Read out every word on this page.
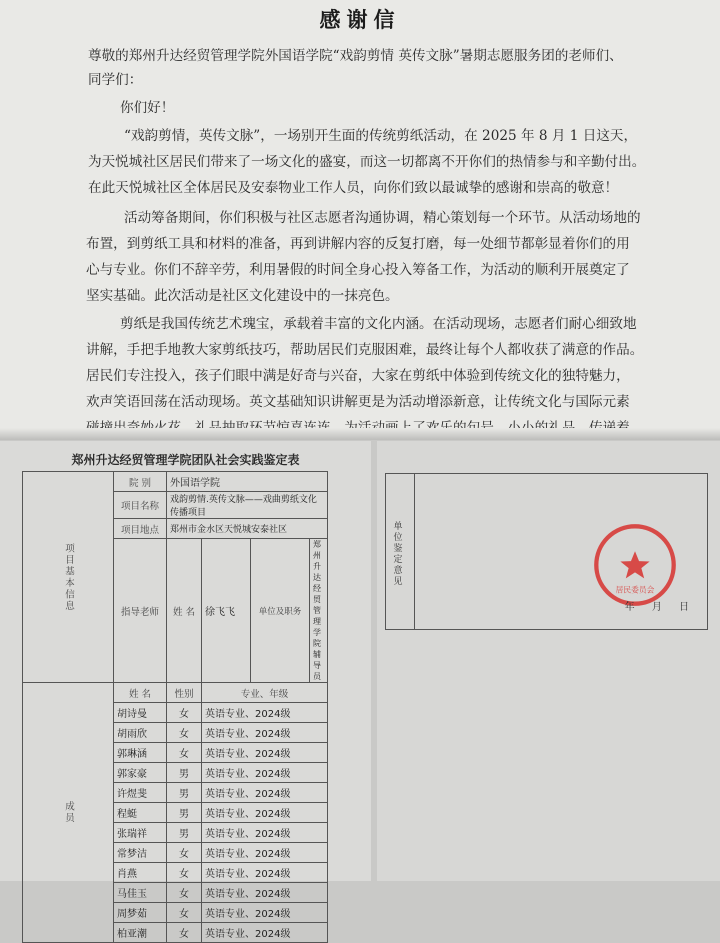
感谢信
尊敬的郑州升达经贸管理学院外国语学院“戏韵剪情 英传文脉”暑期志愿服务团的老师们、
同学们：
你们好！
“戏韵剪情，英传文脉”，一场别开生面的传统剪纸活动，在 2025 年 8 月 1 日这天，
为天悦城社区居民们带来了一场文化的盛宴，而这一切都离不开你们的热情参与和辛勤付出。
在此天悦城社区全体居民及安泰物业工作人员，向你们致以最诚挚的感谢和崇高的敬意！
活动筹备期间，你们积极与社区志愿者沟通协调，精心策划每一个环节。从活动场地的
布置，到剪纸工具和材料的准备，再到讲解内容的反复打磨，每一处细节都彰显着你们的用
心与专业。你们不辞辛劳，利用暑假的时间全身心投入筹备工作，为活动的顺利开展奠定了
坚实基础。此次活动是社区文化建设中的一抹亮色。
剪纸是我国传统艺术瑰宝，承载着丰富的文化内涵。在活动现场，志愿者们耐心细致地
讲解，手把手地教大家剪纸技巧，帮助居民们克服困难，最终让每个人都收获了满意的作品。
居民们专注投入，孩子们眼中满是好奇与兴奋，大家在剪纸中体验到传统文化的独特魅力，
欢声笑语回荡在活动现场。英文基础知识讲解更是为活动增添新意，让传统文化与国际元素
郑州升达经贸管理学院团队社会实践鉴定表
项目基本信息	院 别	外国语学院			
	项目名称	戏韵剪情.英传文脉——戏曲剪纸文化传播项目			
	项目地点	郑州市金水区天悦城安泰社区			
	指导老师	姓 名	徐飞飞	单位及职务	郑州升达经贸管理学院辅导员
成员	姓 名	性别	专业、年级		
	胡诗曼	女	英语专业、2024级		
	胡雨欣	女	英语专业、2024级		
	郭琳涵	女	英语专业、2024级		
	郭家豪	男	英语专业、2024级		
	许煜斐	男	英语专业、2024级		
	程蜓	男	英语专业、2024级		
	张瑞祥	男	英语专业、2024级		
	常梦洁	女	英语专业、2024级		
	肖燕	女	英语专业、2024级		
	马佳玉	女	英语专业、2024级		
	周梦茹	女	英语专业、2024级		
	柏亚潮	女	英语专业、2024级		
单位鉴定意见
居民委员会
年 月 日
